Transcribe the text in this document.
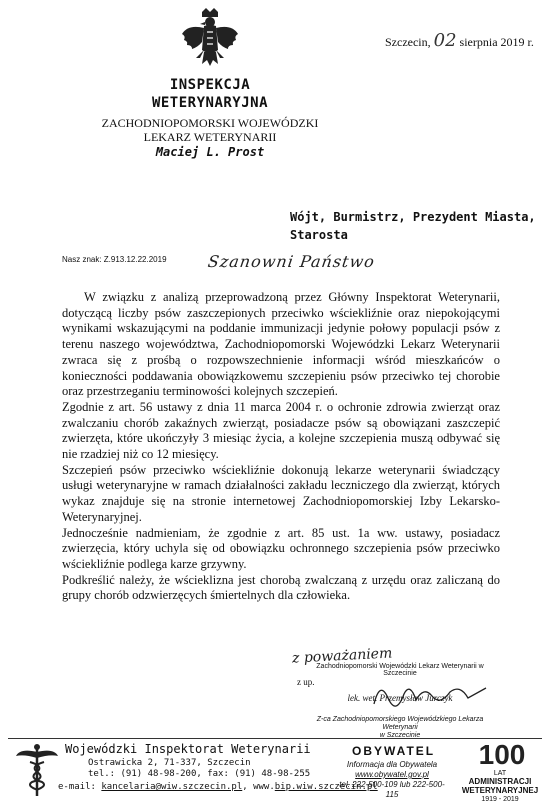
INSPEKCJA
WETERYNARYJNA
ZACHODNIOPOMORSKI WOJEWÓDZKI
LEKARZ WETERYNARII
Maciej L. Prost
Szczecin, 02 sierpnia 2019 r.
Wójt, Burmistrz, Prezydent Miasta,
Starosta
Nasz znak: Z.913.12.22.2019	Szanowni Państwo

W związku z analizą przeprowadzoną przez Główny Inspektorat Weterynarii, dotyczącą liczby psów zaszczepionych przeciwko wściekliźnie oraz niepokojącymi wynikami wskazującymi na poddanie immunizacji jedynie połowy populacji psów z terenu naszego województwa, Zachodniopomorski Wojewódzki Lekarz Weterynarii zwraca się z prośbą o rozpowszechnienie informacji wśród mieszkańców o konieczności poddawania obowiązkowemu szczepieniu psów przeciwko tej chorobie oraz przestrzeganiu terminowości kolejnych szczepień.

Zgodnie z art. 56 ustawy z dnia 11 marca 2004 r. o ochronie zdrowia zwierząt oraz zwalczaniu chorób zakaźnych zwierząt, posiadacze psów są obowiązani zaszczepić zwierzęta, które ukończyły 3 miesiąc życia, a kolejne szczepienia muszą odbywać się nie rzadziej niż co 12 miesięcy.

Szczepień psów przeciwko wściekliźnie dokonują lekarze weterynarii świadczący usługi weterynaryjne w ramach działalności zakładu leczniczego dla zwierząt, których wykaz znajduje się na stronie internetowej Zachodniopomorskiej Izby Lekarsko-Weterynaryjnej.

Jednocześnie nadmieniam, że zgodnie z art. 85 ust. 1a ww. ustawy, posiadacz zwierzęcia, który uchyla się od obowiązku ochronnego szczepienia psów przeciwko wściekliźnie podlega karze grzywny.

Podkreślić należy, że wścieklizna jest chorobą zwalczaną z urzędu oraz zaliczaną do grupy chorób odzwierzęcych śmiertelnych dla człowieka.

z poważaniem
Zachodniopomorski Wojewódzki Lekarz Weterynarii w Szczecinie
z up.
lek. wet. Przemysław Jurczyk
Z-ca Zachodniopomorskiego Wojewódzkiego Lekarza Weterynarii
w Szczecinie
Wojewódzki Inspektorat Weterynarii
Ostrawicka 2, 71-337, Szczecin
tel.: (91) 48-98-200, fax: (91) 48-98-255
e-mail: kancelaria@wiw.szczecin.pl, www.bip.wiw.szczecin.pl
OBYWATEL
Informacja dla Obywatela
www.obywatel.gov.pl
tel. 222-500-109 lub 222-500-115
100
LAT
ADMINISTRACJI
WETERYNARYJNEJ
1919 - 2019
